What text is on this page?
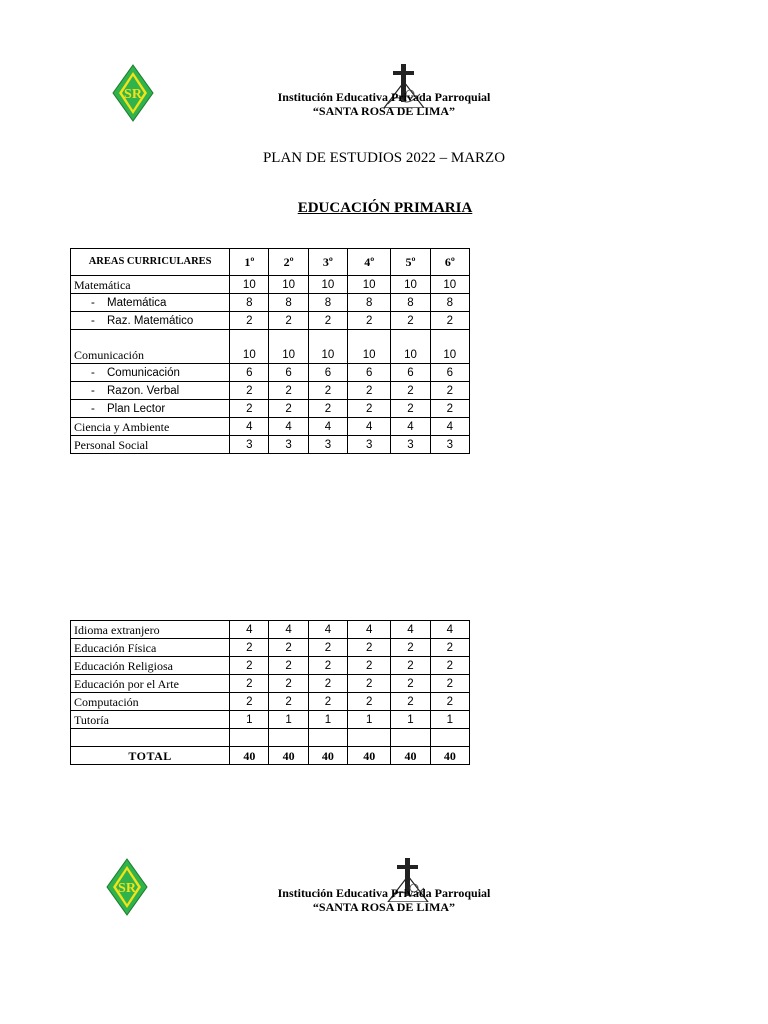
SR	Institución Educativa Privada Parroquial
“SANTA ROSA DE LIMA”
PLAN DE ESTUDIOS 2022 – MARZO
EDUCACIÓN PRIMARIA
AREAS CURRICULARES	1º	2º	3º	4º	5º	6º
Matemática	10	10	10	10	10	10
- Matemática	8	8	8	8	8	8
- Raz. Matemático	2	2	2	2	2	2
Comunicación	10	10	10	10	10	10
- Comunicación	6	6	6	6	6	6
- Razon. Verbal	2	2	2	2	2	2
- Plan Lector	2	2	2	2	2	2
Ciencia y Ambiente	4	4	4	4	4	4
Personal Social	3	3	3	3	3	3
Idioma extranjero	4	4	4	4	4	4
Educación Física	2	2	2	2	2	2
Educación Religiosa	2	2	2	2	2	2
Educación por el Arte	2	2	2	2	2	2
Computación	2	2	2	2	2	2
Tutoría	1	1	1	1	1	1

TOTAL	40	40	40	40	40	40
SR	Institución Educativa Privada Parroquial
“SANTA ROSA DE LIMA”
